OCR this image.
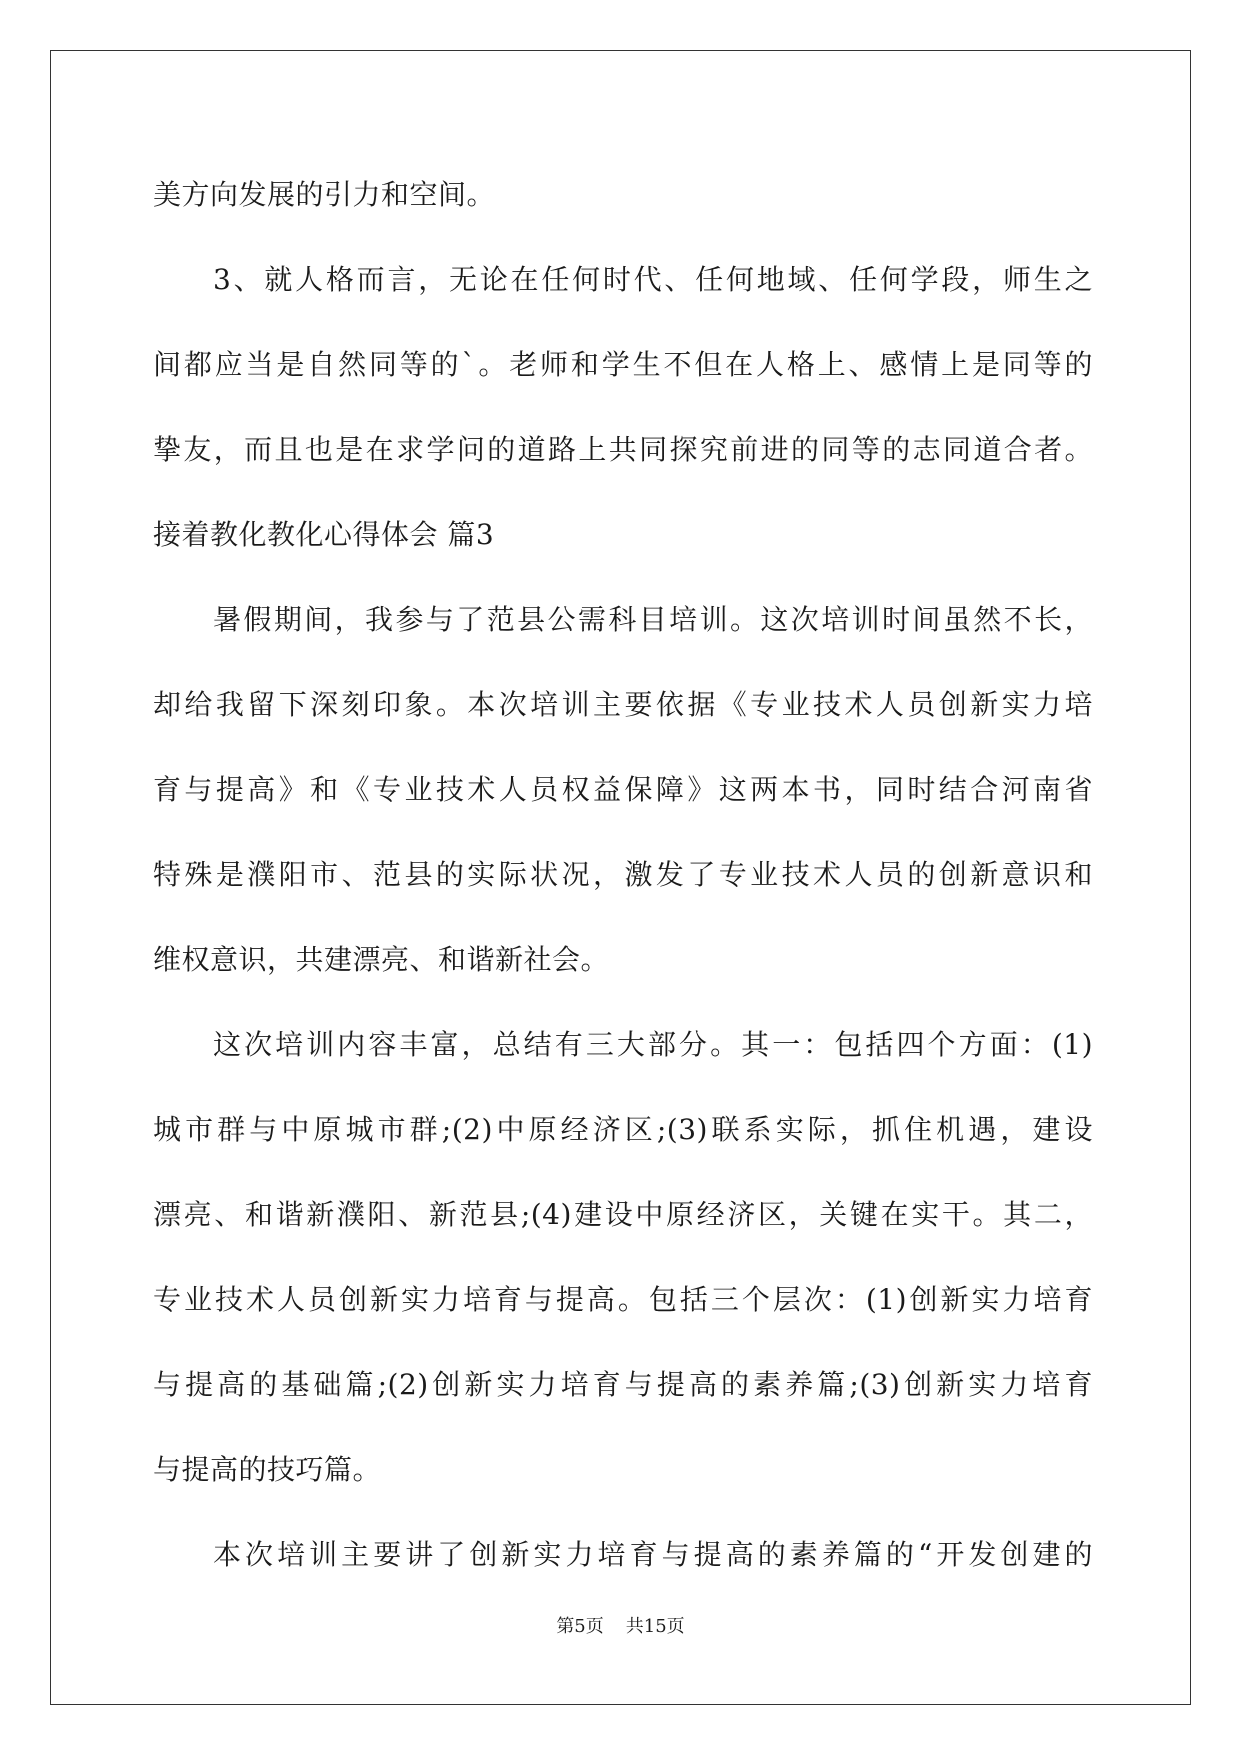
美方向发展的引力和空间。
3、就人格而言，无论在任何时代、任何地域、任何学段，师生之
间都应当是自然同等的`。老师和学生不但在人格上、感情上是同等的
挚友，而且也是在求学问的道路上共同探究前进的同等的志同道合者。
接着教化教化心得体会 篇3
暑假期间，我参与了范县公需科目培训。这次培训时间虽然不长，
却给我留下深刻印象。本次培训主要依据《专业技术人员创新实力培
育与提高》和《专业技术人员权益保障》这两本书，同时结合河南省
特殊是濮阳市、范县的实际状况，激发了专业技术人员的创新意识和
维权意识，共建漂亮、和谐新社会。
这次培训内容丰富，总结有三大部分。其一：包括四个方面：(1)
城市群与中原城市群;(2)中原经济区;(3)联系实际，抓住机遇，建设
漂亮、和谐新濮阳、新范县;(4)建设中原经济区，关键在实干。其二，
专业技术人员创新实力培育与提高。包括三个层次：(1)创新实力培育
与提高的基础篇;(2)创新实力培育与提高的素养篇;(3)创新实力培育
与提高的技巧篇。
本次培训主要讲了创新实力培育与提高的素养篇的“开发创建的
第5页 共15页
